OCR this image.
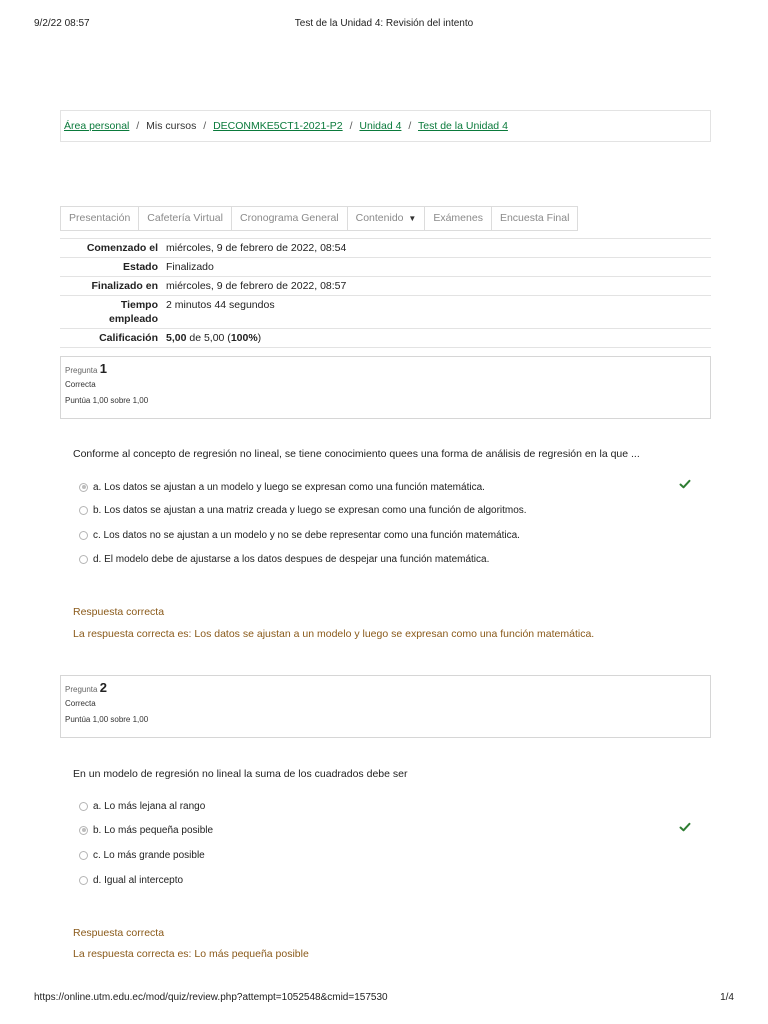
9/2/22 08:57	Test de la Unidad 4: Revisión del intento
Área personal / Mis cursos / DECONMKE5CT1-2021-P2 / Unidad 4 / Test de la Unidad 4
Presentación	Cafetería Virtual	Cronograma General	Contenido ▼	Exámenes	Encuesta Final
Comenzado el	miércoles, 9 de febrero de 2022, 08:54
Estado	Finalizado
Finalizado en	miércoles, 9 de febrero de 2022, 08:57
Tiempo
empleado	2 minutos 44 segundos
Calificación	5,00 de 5,00 (100%)
Pregunta 1
Correcta
Puntúa 1,00 sobre 1,00
Conforme al concepto de regresión no lineal, se tiene conocimiento quees una forma de análisis de regresión en la que ...
a. Los datos se ajustan a un modelo y luego se expresan como una función matemática.
b. Los datos se ajustan a una matriz creada y luego se expresan como una función de algoritmos.
c. Los datos no se ajustan a un modelo y no se debe representar como una función matemática.
d. El modelo debe de ajustarse a los datos despues de despejar una función matemática.
Respuesta correcta
La respuesta correcta es: Los datos se ajustan a un modelo y luego se expresan como una función matemática.
Pregunta 2
Correcta
Puntúa 1,00 sobre 1,00
En un modelo de regresión no lineal la suma de los cuadrados debe ser
a. Lo más lejana al rango
b. Lo más pequeña posible
c. Lo más grande posible
d. Igual al intercepto
Respuesta correcta
La respuesta correcta es: Lo más pequeña posible
https://online.utm.edu.ec/mod/quiz/review.php?attempt=1052548&cmid=157530	1/4
